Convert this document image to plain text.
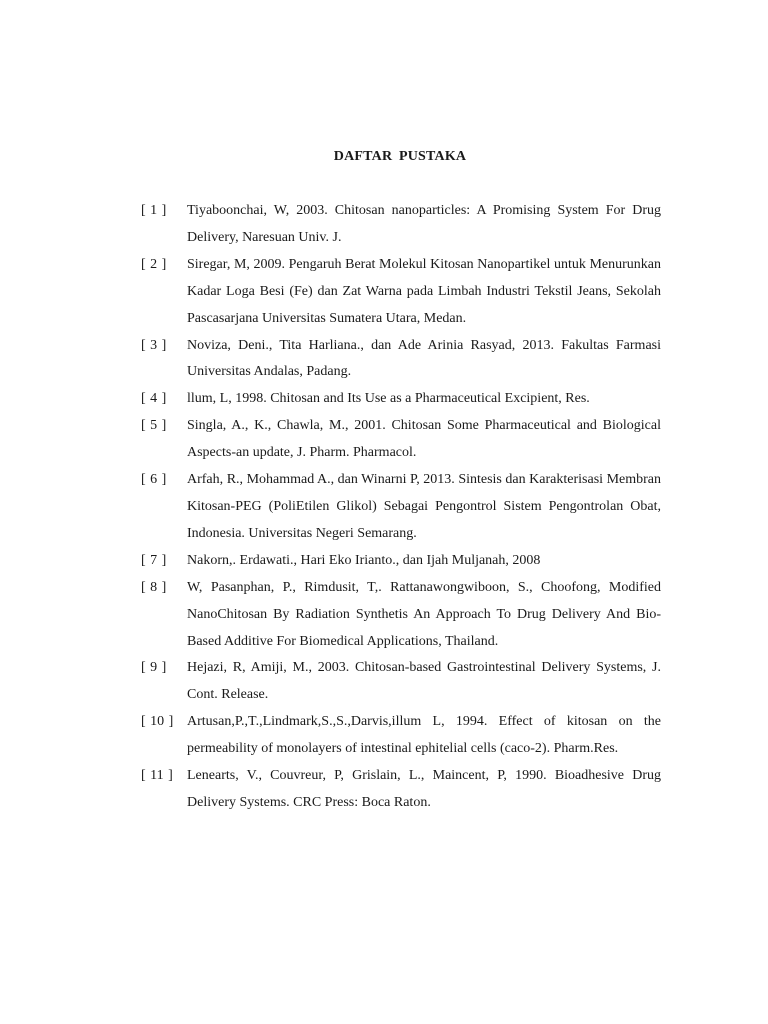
DAFTAR PUSTAKA
[ 1 ] Tiyaboonchai, W, 2003. Chitosan nanoparticles: A Promising System For Drug Delivery, Naresuan Univ. J.
[ 2 ] Siregar, M, 2009. Pengaruh Berat Molekul Kitosan Nanopartikel untuk Menurunkan Kadar Loga Besi (Fe) dan Zat Warna pada Limbah Industri Tekstil Jeans, Sekolah Pascasarjana Universitas Sumatera Utara, Medan.
[ 3 ] Noviza, Deni., Tita Harliana., dan Ade Arinia Rasyad, 2013. Fakultas Farmasi Universitas Andalas, Padang.
[ 4 ] llum, L, 1998. Chitosan and Its Use as a Pharmaceutical Excipient, Res.
[ 5 ] Singla, A., K., Chawla, M., 2001. Chitosan Some Pharmaceutical and Biological Aspects-an update, J. Pharm. Pharmacol.
[ 6 ] Arfah, R., Mohammad A., dan Winarni P, 2013. Sintesis dan Karakterisasi Membran Kitosan-PEG (PoliEtilen Glikol) Sebagai Pengontrol Sistem Pengontrolan Obat, Indonesia. Universitas Negeri Semarang.
[ 7 ] Nakorn,. Erdawati., Hari Eko Irianto., dan Ijah Muljanah, 2008
[ 8 ] W, Pasanphan, P., Rimdusit, T,. Rattanawongwiboon, S., Choofong, Modified NanoChitosan By Radiation Synthetis An Approach To Drug Delivery And Bio-Based Additive For Biomedical Applications, Thailand.
[ 9 ] Hejazi, R, Amiji, M., 2003. Chitosan-based Gastrointestinal Delivery Systems, J. Cont. Release.
[ 10 ] Artusan,P.,T.,Lindmark,S.,S.,Darvis,illum L, 1994. Effect of kitosan on the permeability of monolayers of intestinal ephitelial cells (caco-2). Pharm.Res.
[ 11 ] Lenearts, V., Couvreur, P, Grislain, L., Maincent, P, 1990. Bioadhesive Drug Delivery Systems. CRC Press: Boca Raton.
